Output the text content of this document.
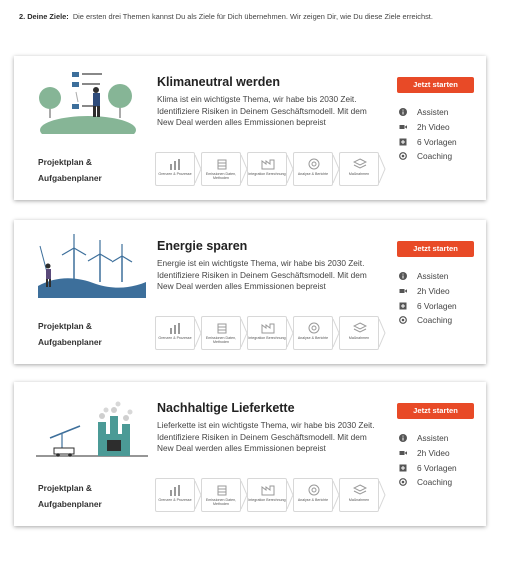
2. Deine Ziele: Die ersten drei Themen kannst Du als Ziele für Dich übernehmen. Wir zeigen Dir, wie Du diese Ziele erreichst.
Projektplan &
Aufgabenplaner
Klimaneutral werden
Klima ist ein wichtigste Thema, wir habe bis 2030 Zeit. Identifiziere Risiken in Deinem Geschäftsmodell. Mit dem New Deal werden alles Emmissionen bepreist
Grenzen & Prozesse	Emissionen Daten, Methoden
Integration Berechnung	Analyse & Berichte	Maßnahmen
Jetzt starten
Assisten
2h Video
6 Vorlagen
Coaching
Projektplan &
Aufgabenplaner
Energie sparen
Energie ist ein wichtigste Thema, wir habe bis 2030 Zeit. Identifiziere Risiken in Deinem Geschäftsmodell. Mit dem New Deal werden alles Emmissionen bepreist
Grenzen & Prozesse	Emissionen Daten, Methoden
Integration Berechnung	Analyse & Berichte	Maßnahmen
Jetzt starten
Assisten
2h Video
6 Vorlagen
Coaching
Projektplan &
Aufgabenplaner
Nachhaltige Lieferkette
Lieferkette ist ein wichtigste Thema, wir habe bis 2030 Zeit. Identifiziere Risiken in Deinem Geschäftsmodell. Mit dem New Deal werden alles Emmissionen bepreist
Grenzen & Prozesse	Emissionen Daten, Methoden
Integration Berechnung	Analyse & Berichte	Maßnahmen
Jetzt starten
Assisten
2h Video
6 Vorlagen
Coaching
